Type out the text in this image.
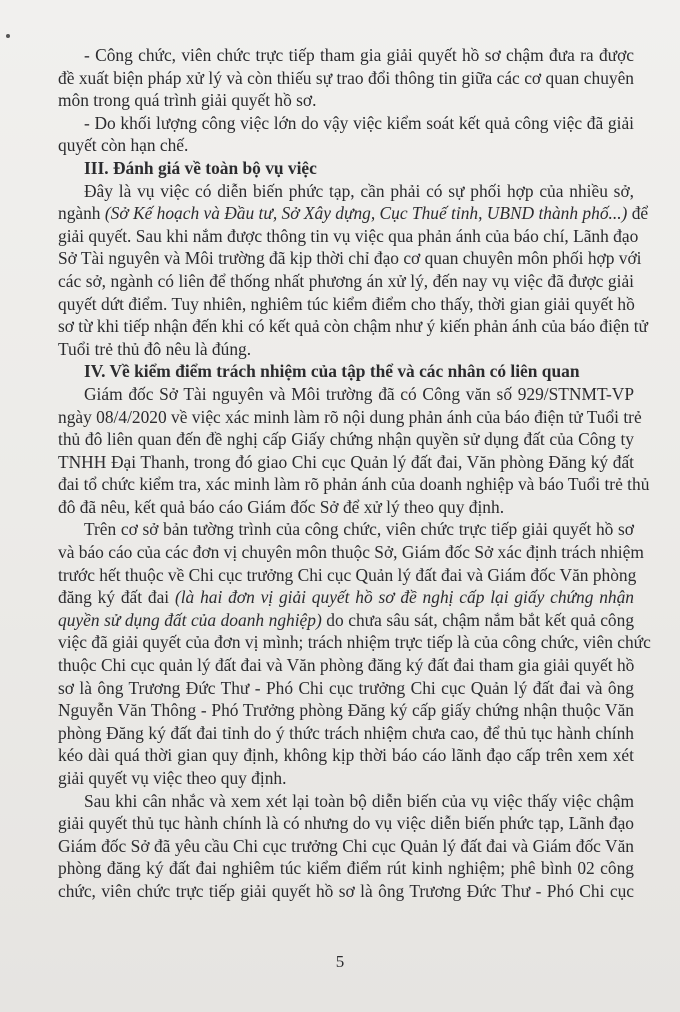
- Công chức, viên chức trực tiếp tham gia giải quyết hồ sơ chậm đưa ra được
đề xuất biện pháp xử lý và còn thiếu sự trao đổi thông tin giữa các cơ quan chuyên
môn trong quá trình giải quyết hồ sơ.
- Do khối lượng công việc lớn do vậy việc kiểm soát kết quả công việc đã giải
quyết còn hạn chế.
III. Đánh giá về toàn bộ vụ việc
Đây là vụ việc có diễn biến phức tạp, cần phải có sự phối hợp của nhiều sở,
ngành (Sở Kế hoạch và Đầu tư, Sở Xây dựng, Cục Thuế tỉnh, UBND thành phố...) để
giải quyết. Sau khi nắm được thông tin vụ việc qua phản ánh của báo chí, Lãnh đạo
Sở Tài nguyên và Môi trường đã kịp thời chỉ đạo cơ quan chuyên môn phối hợp với
các sở, ngành có liên để thống nhất phương án xử lý, đến nay vụ việc đã được giải
quyết dứt điểm. Tuy nhiên, nghiêm túc kiểm điểm cho thấy, thời gian giải quyết hồ
sơ từ khi tiếp nhận đến khi có kết quả còn chậm như ý kiến phản ánh của báo điện tử
Tuổi trẻ thủ đô nêu là đúng.
IV. Về kiểm điểm trách nhiệm của tập thể và các nhân có liên quan
Giám đốc Sở Tài nguyên và Môi trường đã có Công văn số 929/STNMT-VP
ngày 08/4/2020 về việc xác minh làm rõ nội dung phản ánh của báo điện tử Tuổi trẻ
thủ đô liên quan đến đề nghị cấp Giấy chứng nhận quyền sử dụng đất của Công ty
TNHH Đại Thanh, trong đó giao Chi cục Quản lý đất đai, Văn phòng Đăng ký đất
đai tổ chức kiểm tra, xác minh làm rõ phản ánh của doanh nghiệp và báo Tuổi trẻ thủ
đô đã nêu, kết quả báo cáo Giám đốc Sở để xử lý theo quy định.
Trên cơ sở bản tường trình của công chức, viên chức trực tiếp giải quyết hồ sơ
và báo cáo của các đơn vị chuyên môn thuộc Sở, Giám đốc Sở xác định trách nhiệm
trước hết thuộc về Chi cục trưởng Chi cục Quản lý đất đai và Giám đốc Văn phòng
đăng ký đất đai (là hai đơn vị giải quyết hồ sơ đề nghị cấp lại giấy chứng nhận
quyền sử dụng đất của doanh nghiệp) do chưa sâu sát, chậm nắm bắt kết quả công
việc đã giải quyết của đơn vị mình; trách nhiệm trực tiếp là của công chức, viên chức
thuộc Chi cục quản lý đất đai và Văn phòng đăng ký đất đai tham gia giải quyết hồ
sơ là ông Trương Đức Thư - Phó Chi cục trưởng Chi cục Quản lý đất đai và ông
Nguyễn Văn Thông - Phó Trưởng phòng Đăng ký cấp giấy chứng nhận thuộc Văn
phòng Đăng ký đất đai tỉnh do ý thức trách nhiệm chưa cao, để thủ tục hành chính
kéo dài quá thời gian quy định, không kịp thời báo cáo lãnh đạo cấp trên xem xét
giải quyết vụ việc theo quy định.
Sau khi cân nhắc và xem xét lại toàn bộ diễn biến của vụ việc thấy việc chậm
giải quyết thủ tục hành chính là có nhưng do vụ việc diễn biến phức tạp, Lãnh đạo
Giám đốc Sở đã yêu cầu Chi cục trưởng Chi cục Quản lý đất đai và Giám đốc Văn
phòng đăng ký đất đai nghiêm túc kiểm điểm rút kinh nghiệm; phê bình 02 công
chức, viên chức trực tiếp giải quyết hồ sơ là ông Trương Đức Thư - Phó Chi cục
5
